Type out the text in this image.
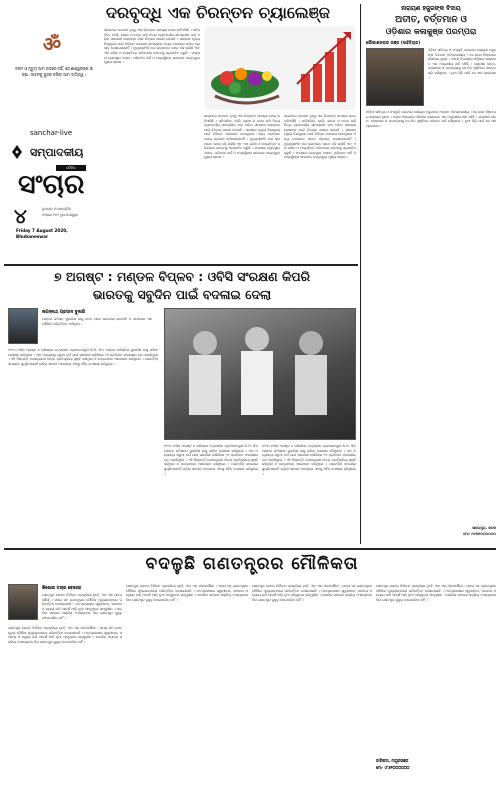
ॐ
ଜନ୍ମ ଓ ମୃତ୍ୟୁ ଆମ ହାତରେ ନାହିଁ, ସେ ଈଶ୍ୱରଙ୍କ ଇଚ୍ଛା। ଜୀବନକୁ ସୁନ୍ଦର କରିବା ଆମ ଦାୟିତ୍ୱ ।
sanchar-live
ସମ୍ପାଦକୀୟ
ଦୈନିକ
ସଂଚାର
୪	ବୁଧବାର ଓ ସାପ୍ତାହିକ
ସଂଖ୍ୟା ୧୦୨ ଭୁବନେଶ୍ୱର
Friday 7 August 2020,
Bhubaneswar
ଦରବୃଦ୍ଧି ଏକ ଚିରନ୍ତନ ଚ୍ୟାଲେଞ୍ଜ
ଭାରତରେ ଦରଦାମ ବୃଦ୍ଧି ଏକ ଚିରନ୍ତନ ସମସ୍ୟା ହୋଇ ରହିଆସିଛି । ପନିପରିବା, ଡାଲି, ଚାଉଳ ଓ ତେଲ ଭଳି ନିତ୍ୟ ବ୍ୟବହାର୍ଯ୍ୟ ସାମଗ୍ରୀର ଦାମ ବଢ଼ିବା ସାଧାରଣ ଲୋକଙ୍କ ପାଇଁ ଚିନ୍ତାର କାରଣ ହୋଇଛି । ସରକାର ମୂଲ୍ୟ ନିୟନ୍ତ୍ରଣ ପାଇଁ ବିଭିନ୍ନ ପଦକ୍ଷେପ ନେଉଥିଲେ ମଧ୍ୟ ବଜାରରେ ତାହାର ପ୍ରଭାବ ଦେଖାଯାଉନାହିଁ । ମୁଦ୍ରାସ୍ଫୀତି ହାର କ୍ରମାଗତ ଭାବେ ବଢ଼ି ଚାଲିଛି ଏବଂ ଏହା ଗରିବ ଓ ମଧ୍ୟବିତ୍ତ ପରିବାରର ବଜେଟକୁ ପ୍ରଭାବିତ କରୁଛି । ସଂରକ୍ଷଣ ବ୍ୟବସ୍ଥାର ଅଭାବ, ପରିବହନ ଖର୍ଚ୍ଚ ଓ ମଧ୍ୟସ୍ଥିଙ୍କ କାରବାର ଦରବୃଦ୍ଧିର ମୁଖ୍ୟ କାରଣ ।
ଭାରତରେ ଦରଦାମ ବୃଦ୍ଧି ଏକ ଚିରନ୍ତନ ସମସ୍ୟା ହୋଇ ରହିଆସିଛି । ପନିପରିବା, ଡାଲି, ଚାଉଳ ଓ ତେଲ ଭଳି ନିତ୍ୟ ବ୍ୟବହାର୍ଯ୍ୟ ସାମଗ୍ରୀର ଦାମ ବଢ଼ିବା ସାଧାରଣ ଲୋକଙ୍କ ପାଇଁ ଚିନ୍ତାର କାରଣ ହୋଇଛି । ସରକାର ମୂଲ୍ୟ ନିୟନ୍ତ୍ରଣ ପାଇଁ ବିଭିନ୍ନ ପଦକ୍ଷେପ ନେଉଥିଲେ ମଧ୍ୟ ବଜାରରେ ତାହାର ପ୍ରଭାବ ଦେଖାଯାଉନାହିଁ । ମୁଦ୍ରାସ୍ଫୀତି ହାର କ୍ରମାଗତ ଭାବେ ବଢ଼ି ଚାଲିଛି ଏବଂ ଏହା ଗରିବ ଓ ମଧ୍ୟବିତ୍ତ ପରିବାରର ବଜେଟକୁ ପ୍ରଭାବିତ କରୁଛି । ସଂରକ୍ଷଣ ବ୍ୟବସ୍ଥାର ଅଭାବ, ପରିବହନ ଖର୍ଚ୍ଚ ଓ ମଧ୍ୟସ୍ଥିଙ୍କ କାରବାର ଦରବୃଦ୍ଧିର ମୁଖ୍ୟ କାରଣ ।
ଭାରତରେ ଦରଦାମ ବୃଦ୍ଧି ଏକ ଚିରନ୍ତନ ସମସ୍ୟା ହୋଇ ରହିଆସିଛି । ପନିପରିବା, ଡାଲି, ଚାଉଳ ଓ ତେଲ ଭଳି ନିତ୍ୟ ବ୍ୟବହାର୍ଯ୍ୟ ସାମଗ୍ରୀର ଦାମ ବଢ଼ିବା ସାଧାରଣ ଲୋକଙ୍କ ପାଇଁ ଚିନ୍ତାର କାରଣ ହୋଇଛି । ସରକାର ମୂଲ୍ୟ ନିୟନ୍ତ୍ରଣ ପାଇଁ ବିଭିନ୍ନ ପଦକ୍ଷେପ ନେଉଥିଲେ ମଧ୍ୟ ବଜାରରେ ତାହାର ପ୍ରଭାବ ଦେଖାଯାଉନାହିଁ । ମୁଦ୍ରାସ୍ଫୀତି ହାର କ୍ରମାଗତ ଭାବେ ବଢ଼ି ଚାଲିଛି ଏବଂ ଏହା ଗରିବ ଓ ମଧ୍ୟବିତ୍ତ ପରିବାରର ବଜେଟକୁ ପ୍ରଭାବିତ କରୁଛି । ସଂରକ୍ଷଣ ବ୍ୟବସ୍ଥାର ଅଭାବ, ପରିବହନ ଖର୍ଚ୍ଚ ଓ ମଧ୍ୟସ୍ଥିଙ୍କ କାରବାର ଦରବୃଦ୍ଧିର ମୁଖ୍ୟ କାରଣ ।
ନାରାୟଣ ହଜୁରଙ୍କ ବିଦାୟ
ଅତୀତ, ବର୍ତ୍ତମାନ ଓ
ଓଡ଼ିଶାର କଳାକୁଞ୍ଜ ପରମ୍ପରା
ଗୌରୀଶଙ୍କର ଭଞ୍ଜ (ସାହିତ୍ୟିକ)
ଓଡ଼ିଆ ସାହିତ୍ୟ ଓ ସଂସ୍କୃତି ଜଗତରେ ନାରାୟଣ ହଜୁରଙ୍କ ଅବଦାନ ଅବିସ୍ମରଣୀୟ । ସେ ଜଣେ ନିଷ୍ଠାପର କଳାକାର ଥିଲେ । ତାଙ୍କ ବିଦାୟରେ ଓଡ଼ିଶାର କଳାଜଗତ ଏକ ଅପୂରଣୀୟ କ୍ଷତି ସହିଛି । ଗ୍ରାମୀଣ ଜୀବନ, ଲୋକକଳା ଓ ପରମ୍ପରାକୁ ସେ ନିଜ ସୃଷ୍ଟିରେ ଜୀବନ୍ତ କରି ରଖିଥିଲେ । ନୂଆ ପିଢ଼ି ପାଇଁ ସେ ଏକ ପ୍ରେରଣା ।
ଓଡ଼ିଆ ସାହିତ୍ୟ ଓ ସଂସ୍କୃତି ଜଗତରେ ନାରାୟଣ ହଜୁରଙ୍କ ଅବଦାନ ଅବିସ୍ମରଣୀୟ । ସେ ଜଣେ ନିଷ୍ଠାପର କଳାକାର ଥିଲେ । ତାଙ୍କ ବିଦାୟରେ ଓଡ଼ିଶାର କଳାଜଗତ ଏକ ଅପୂରଣୀୟ କ୍ଷତି ସହିଛି । ଗ୍ରାମୀଣ ଜୀବନ, ଲୋକକଳା ଓ ପରମ୍ପରାକୁ ସେ ନିଜ ସୃଷ୍ଟିରେ ଜୀବନ୍ତ କରି ରଖିଥିଲେ । ନୂଆ ପିଢ଼ି ପାଇଁ ସେ ଏକ ପ୍ରେରଣା ।
ସାଲେପୁର, କଟକ
ମୋ- ୯୪୩୭୦୦୦୦୦୦
୭ ଅଗଷ୍ଟ : ମଣ୍ଡଳ ବିପ୍ଳବ : ଓବିସି ସଂରକ୍ଷଣ କିପରି
ଭାରତକୁ ସବୁଦିନ ପାଇଁ ବଦଳାଇ ଦେଲା
ଜଗନ୍ନାଥ ପ୍ରସାଦ ବୁଜାରି
ମଣ୍ଡଳ କମିସନ ସୁପାରିଶ ଲାଗୁ ହେବା ପରେ ଭାରତୀୟ ରାଜନୀତି ଓ ସମାଜରେ ଏକ ମୌଳିକ ପରିବର୍ତ୍ତନ ଆସିଥିଲା ।
୧୯୯୦ ମସିହା ଅଗଷ୍ଟ ୭ ତାରିଖରେ ତତ୍କାଳୀନ ପ୍ରଧାନମନ୍ତ୍ରୀ ଭି.ପି. ସିଂହ ମଣ୍ଡଳ କମିସନର ସୁପାରିଶ ଲାଗୁ କରିବା ଘୋଷଣା କରିଥିଲେ । ଏହା ଅନ୍ୟାନ୍ୟ ପଛୁଆ ବର୍ଗ ପାଇଁ ସରକାରୀ ଚାକିରିରେ ୨୭ ପ୍ରତିଶତ ସଂରକ୍ଷଣର ବାଟ ଖୋଲିଥିଲା । ଏହି ନିଷ୍ପତ୍ତି ଦେଶବ୍ୟାପୀ ତୀବ୍ର ପ୍ରତିକ୍ରିୟା ସୃଷ୍ଟି କରିଥିଲା ଓ ଛାତ୍ରମାନେ ଆନ୍ଦୋଳନ କରିଥିଲେ । ପରବର୍ତ୍ତୀ ସମୟରେ ସୁପ୍ରିମକୋର୍ଟ ଇନ୍ଦିରା ସାହାନୀ ମାମଲାରେ ଏହାକୁ ବୈଧ ଘୋଷଣା କରିଥିଲେ ।
୧୯୯୦ ମସିହା ଅଗଷ୍ଟ ୭ ତାରିଖରେ ତତ୍କାଳୀନ ପ୍ରଧାନମନ୍ତ୍ରୀ ଭି.ପି. ସିଂହ ମଣ୍ଡଳ କମିସନର ସୁପାରିଶ ଲାଗୁ କରିବା ଘୋଷଣା କରିଥିଲେ । ଏହା ଅନ୍ୟାନ୍ୟ ପଛୁଆ ବର୍ଗ ପାଇଁ ସରକାରୀ ଚାକିରିରେ ୨୭ ପ୍ରତିଶତ ସଂରକ୍ଷଣର ବାଟ ଖୋଲିଥିଲା । ଏହି ନିଷ୍ପତ୍ତି ଦେଶବ୍ୟାପୀ ତୀବ୍ର ପ୍ରତିକ୍ରିୟା ସୃଷ୍ଟି କରିଥିଲା ଓ ଛାତ୍ରମାନେ ଆନ୍ଦୋଳନ କରିଥିଲେ । ପରବର୍ତ୍ତୀ ସମୟରେ ସୁପ୍ରିମକୋର୍ଟ ଇନ୍ଦିରା ସାହାନୀ ମାମଲାରେ ଏହାକୁ ବୈଧ ଘୋଷଣା କରିଥିଲେ ।
୧୯୯୦ ମସିହା ଅଗଷ୍ଟ ୭ ତାରିଖରେ ତତ୍କାଳୀନ ପ୍ରଧାନମନ୍ତ୍ରୀ ଭି.ପି. ସିଂହ ମଣ୍ଡଳ କମିସନର ସୁପାରିଶ ଲାଗୁ କରିବା ଘୋଷଣା କରିଥିଲେ । ଏହା ଅନ୍ୟାନ୍ୟ ପଛୁଆ ବର୍ଗ ପାଇଁ ସରକାରୀ ଚାକିରିରେ ୨୭ ପ୍ରତିଶତ ସଂରକ୍ଷଣର ବାଟ ଖୋଲିଥିଲା । ଏହି ନିଷ୍ପତ୍ତି ଦେଶବ୍ୟାପୀ ତୀବ୍ର ପ୍ରତିକ୍ରିୟା ସୃଷ୍ଟି କରିଥିଲା ଓ ଛାତ୍ରମାନେ ଆନ୍ଦୋଳନ କରିଥିଲେ । ପରବର୍ତ୍ତୀ ସମୟରେ ସୁପ୍ରିମକୋର୍ଟ ଇନ୍ଦିରା ସାହାନୀ ମାମଲାରେ ଏହାକୁ ବୈଧ ଘୋଷଣା କରିଥିଲେ ।
ବଦଳୁଛି ଗଣତନ୍ତ୍ରର ମୌଳିକତା
କିଶୋର ଚନ୍ଦ୍ର ବେହେରା
ଗଣତନ୍ତ୍ର କେବଳ ନିର୍ବାଚନ ପ୍ରକ୍ରିୟା ନୁହେଁ, ଏହା ଏକ ଜୀବନଶୈଳୀ । ସମୟ ସହ ଗଣତନ୍ତ୍ରର ମୌଳିକ ମୂଲ୍ୟବୋଧରେ ପରିବର୍ତ୍ତନ ଦେଖାଯାଉଛି । ମତପ୍ରକାଶର ସ୍ୱାଧୀନତା, ସମାନତା ଓ ନ୍ୟାୟ ଭଳି ଆଦର୍ଶ ଆଜି ନୂଆ ଆହ୍ୱାନର ସମ୍ମୁଖୀନ । ନାଗରିକ ସମାଜର ସକ୍ରିୟ ଅଂଶଗ୍ରହଣ ବିନା ଗଣତନ୍ତ୍ର ସୁଦୃଢ଼ ହୋଇପାରିବ ନାହିଁ ।
ଗଣତନ୍ତ୍ର କେବଳ ନିର୍ବାଚନ ପ୍ରକ୍ରିୟା ନୁହେଁ, ଏହା ଏକ ଜୀବନଶୈଳୀ । ସମୟ ସହ ଗଣତନ୍ତ୍ରର ମୌଳିକ ମୂଲ୍ୟବୋଧରେ ପରିବର୍ତ୍ତନ ଦେଖାଯାଉଛି । ମତପ୍ରକାଶର ସ୍ୱାଧୀନତା, ସମାନତା ଓ ନ୍ୟାୟ ଭଳି ଆଦର୍ଶ ଆଜି ନୂଆ ଆହ୍ୱାନର ସମ୍ମୁଖୀନ । ନାଗରିକ ସମାଜର ସକ୍ରିୟ ଅଂଶଗ୍ରହଣ ବିନା ଗଣତନ୍ତ୍ର ସୁଦୃଢ଼ ହୋଇପାରିବ ନାହିଁ ।
ଗଣତନ୍ତ୍ର କେବଳ ନିର୍ବାଚନ ପ୍ରକ୍ରିୟା ନୁହେଁ, ଏହା ଏକ ଜୀବନଶୈଳୀ । ସମୟ ସହ ଗଣତନ୍ତ୍ରର ମୌଳିକ ମୂଲ୍ୟବୋଧରେ ପରିବର୍ତ୍ତନ ଦେଖାଯାଉଛି । ମତପ୍ରକାଶର ସ୍ୱାଧୀନତା, ସମାନତା ଓ ନ୍ୟାୟ ଭଳି ଆଦର୍ଶ ଆଜି ନୂଆ ଆହ୍ୱାନର ସମ୍ମୁଖୀନ । ନାଗରିକ ସମାଜର ସକ୍ରିୟ ଅଂଶଗ୍ରହଣ ବିନା ଗଣତନ୍ତ୍ର ସୁଦୃଢ଼ ହୋଇପାରିବ ନାହିଁ ।
ଗଣତନ୍ତ୍ର କେବଳ ନିର୍ବାଚନ ପ୍ରକ୍ରିୟା ନୁହେଁ, ଏହା ଏକ ଜୀବନଶୈଳୀ । ସମୟ ସହ ଗଣତନ୍ତ୍ରର ମୌଳିକ ମୂଲ୍ୟବୋଧରେ ପରିବର୍ତ୍ତନ ଦେଖାଯାଉଛି । ମତପ୍ରକାଶର ସ୍ୱାଧୀନତା, ସମାନତା ଓ ନ୍ୟାୟ ଭଳି ଆଦର୍ଶ ଆଜି ନୂଆ ଆହ୍ୱାନର ସମ୍ମୁଖୀନ । ନାଗରିକ ସମାଜର ସକ୍ରିୟ ଅଂଶଗ୍ରହଣ ବିନା ଗଣତନ୍ତ୍ର ସୁଦୃଢ଼ ହୋଇପାରିବ ନାହିଁ ।
ଗଣତନ୍ତ୍ର କେବଳ ନିର୍ବାଚନ ପ୍ରକ୍ରିୟା ନୁହେଁ, ଏହା ଏକ ଜୀବନଶୈଳୀ । ସମୟ ସହ ଗଣତନ୍ତ୍ରର ମୌଳିକ ମୂଲ୍ୟବୋଧରେ ପରିବର୍ତ୍ତନ ଦେଖାଯାଉଛି । ମତପ୍ରକାଶର ସ୍ୱାଧୀନତା, ସମାନତା ଓ ନ୍ୟାୟ ଭଳି ଆଦର୍ଶ ଆଜି ନୂଆ ଆହ୍ୱାନର ସମ୍ମୁଖୀନ । ନାଗରିକ ସମାଜର ସକ୍ରିୟ ଅଂଶଗ୍ରହଣ ବିନା ଗଣତନ୍ତ୍ର ସୁଦୃଢ଼ ହୋଇପାରିବ ନାହିଁ ।
ବାରିପଦା, ମୟୂରଭଞ୍ଜ
ମୋ- ୯୮୬୧୦୦୦୦୦୦
